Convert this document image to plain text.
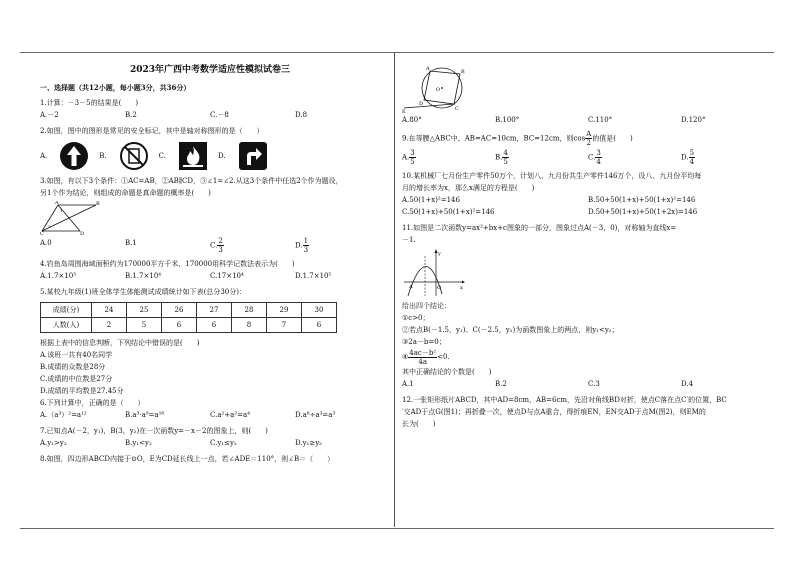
2023年广西中考数学适应性模拟试卷三
一、选择题（共12小题，每小题3分，共36分）
1.计算：－3－5的结果是(　　)
A.－2	B.2	C.－8	D.8
2.如图，图中的图形是常见的安全标记，其中是轴对称图形的是（　　）
A.	B.	C.	D.
3.如图，有以下3个条件：①AC=AB，②AB∥CD，③∠1=∠2.从这3个条件中任选2个作为题设，
另1个作为结论，则组成的命题是真命题的概率是(　　)
A	B
C	D
1
2
A.0	B.1	C. $\frac{2}{3}$	D. $\frac{1}{3}$
4.钓鱼岛周围海域面积约为170000平方千米，170000用科学记数法表示为(　　)
A.1.7×10³	B.1.7×10⁴	C.17×10⁴	D.1.7×10⁵
5.某校九年级(1)班全体学生体能测试成绩统计如下表(总分30分)：
成绩(分)	24	25	26	27	28	29	30
人数(人)	2	5	6	6	8	7	6
根据上表中的信息判断，下列结论中错误的是(　　)
A.该班一共有40名同学
B.成绩的众数是28分
C.成绩的中位数是27分
D.成绩的平均数是27.45分
6.下列计算中，正确的是（　　）
A.（a³）²=a¹²	B.a³·a⁹=a¹⁸	C.a²+a²=a⁴	D.a⁶÷a³=a³
7.已知点A(－2，y₁)，B(3，y₂)在一次函数y=－x－2的图象上，则(　　)
A.y₁>y₂	B.y₁<y₂	C.y₁≤y₂	D.y₁≥y₂
8.如图，四边形ABCD内接于⊙O，E为CD延长线上一点，若∠ADE＝110°，则∠B＝（　　）
A	B
C
D
E
O
A.80°	B.100°	C.110°	D.120°
9.在等腰△ABC中，AB=AC=10cm，BC=12cm，则$\cos \frac{A}{2}$ 的值是(　　)
A. $\frac{3}{5}$	B. $\frac{4}{5}$	C. $\frac{3}{4}$	D. $\frac{5}{4}$
10.某机械厂七月份生产零件50万个，计划八、九月份共生产零件146万个，设八、九月份平均每
月的增长率为x，那么x满足的方程是(　　)
A.50(1+x)²=146	B.50+50(1+x)+50(1+x)²=146
C.50(1+x)+50(1+x)²=146	D.50+50(1+x)+50(1+2x)=146
11.如图是二次函数y=ax²+bx+c图象的一部分，图象过点A(－3，0)，对称轴为直线x=
－1.
y
x
A	O
给出四个结论：
①c>0；
②若点B(－1.5，y₁)、C(－2.5，y₂)为函数图象上的两点，则y₁<y₂；
③2a－b=0；
④ $\frac{\text{4ac－b²}}{4a} <0$.
其中正确结论的个数是(　　)
A.1	B.2	C.3	D.4
12.一张矩形纸片ABCD，其中AD=8cm，AB=6cm，先沿对角线BD对折，使点C落在点C′的位置，BC
′交AD于点G(图1)；再折叠一次，使点D与点A重合，得折痕EN，EN交AD于点M(图2)，则EM的
长为(　　)
